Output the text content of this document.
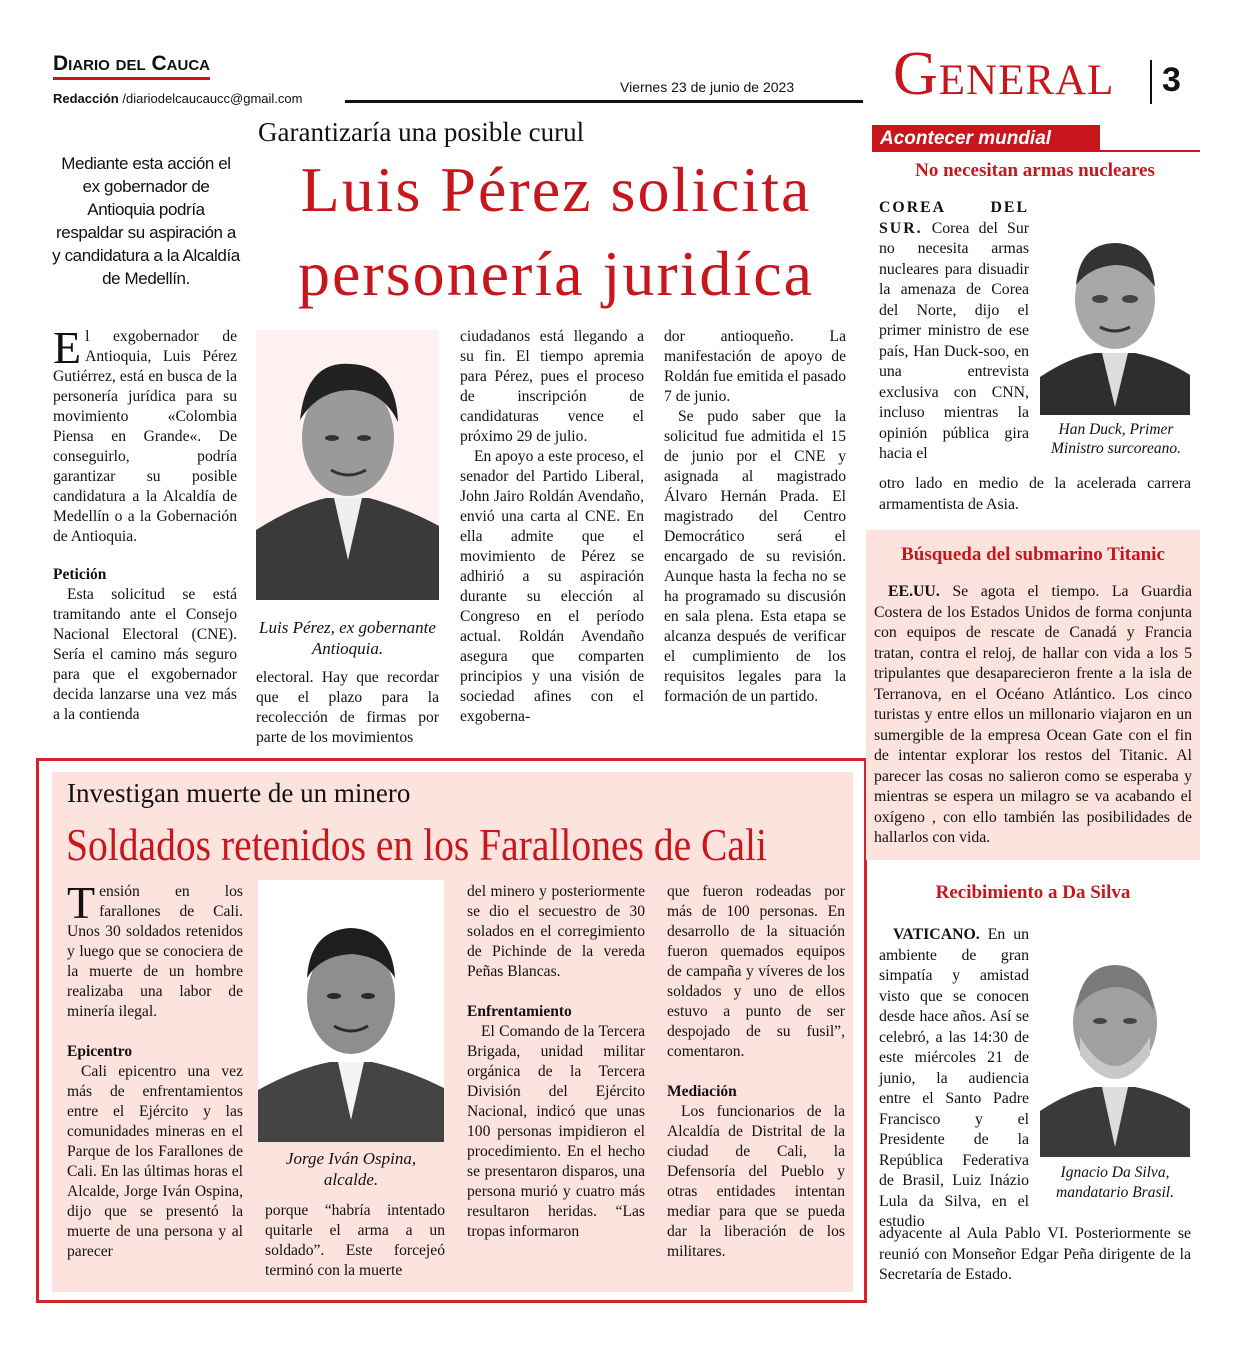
Diario del Cauca
Redacción /diariodelcaucaucc@gmail.com
Viernes 23 de junio de 2023 General 3
Garantizaría una posible curul
Luis Pérez solicita personería juridíca
Mediante esta acción el ex gobernador de Antioquia podría respaldar su aspiración a y candidatura a la Alcaldía de Medellín.

El exgobernador de Antioquia, Luis Pérez Gutiérrez, está en busca de la personería jurídica para su movimiento «Colombia Piensa en Grande«. De conseguirlo, podría garantizar su posible candidatura a la Alcaldía de Medellín o a la Gobernación de Antioquia.

Petición

Esta solicitud se está tramitando ante el Consejo Nacional Electoral (CNE). Sería el camino más seguro para que el exgobernador decida lanzarse una vez más a la contienda

Luis Pérez, ex gobernante Antioquia.

electoral. Hay que recordar que el plazo para la recolección de firmas por parte de los movimientos

ciudadanos está llegando a su fin. El tiempo apremia para Pérez, pues el proceso de inscripción de candidaturas vence el próximo 29 de julio.

En apoyo a este proceso, el senador del Partido Liberal, John Jairo Roldán Avendaño, envió una carta al CNE. En ella admite que el movimiento de Pérez se adhirió a su aspiración durante su elección al Congreso en el período actual. Roldán Avendaño asegura que comparten principios y una visión de sociedad afines con el exgoberna-

dor antioqueño. La manifestación de apoyo de Roldán fue emitida el pasado 7 de junio.

Se pudo saber que la solicitud fue admitida el 15 de junio por el CNE y asignada al magistrado Álvaro Hernán Prada. El magistrado del Centro Democrático será el encargado de su revisión. Aunque hasta la fecha no se ha programado su discusión en sala plena. Esta etapa se alcanza después de verificar el cumplimiento de los requisitos legales para la formación de un partido.

Investigan muerte de un minero
Soldados retenidos en los Farallones de Cali

Tensión en los farallones de Cali. Unos 30 soldados retenidos y luego que se conociera de la muerte de un hombre realizaba una labor de minería ilegal.

Epicentro

Cali epicentro una vez más de enfrentamientos entre el Ejército y las comunidades mineras en el Parque de los Farallones de Cali. En las últimas horas el Alcalde, Jorge Iván Ospina, dijo que se presentó la muerte de una persona y al parecer

Jorge Iván Ospina, alcalde.

porque “habría intentado quitarle el arma a un soldado”. Este forcejeó terminó con la muerte

del minero y posteriormente se dio el secuestro de 30 solados en el corregimiento de Pichinde de la vereda Peñas Blancas.

Enfrentamiento

El Comando de la Tercera Brigada, unidad militar orgánica de la Tercera División del Ejército Nacional, indicó que unas 100 personas impidieron el procedimiento. En el hecho se presentaron disparos, una persona murió y cuatro más resultaron heridas. “Las tropas informaron

que fueron rodeadas por más de 100 personas. En desarrollo de la situación fueron quemados equipos de campaña y víveres de los soldados y uno de ellos estuvo a punto de ser despojado de su fusil”, comentaron.

Mediación

Los funcionarios de la Alcaldía de Distrital de la ciudad de Cali, la Defensoría del Pueblo y otras entidades intentan mediar para que se pueda dar la liberación de los militares.

Acontecer mundial
No necesitan armas nucleares
Han Duck, Primer Ministro surcoreano.

COREA DEL SUR. Corea del Sur no necesita armas nucleares para disuadir la amenaza de Corea del Norte, dijo el primer ministro de ese país, Han Duck-soo, en una entrevista exclusiva con CNN, incluso mientras la opinión pública gira hacia el

otro lado en medio de la acelerada carrera armamentista de Asia.

Búsqueda del submarino Titanic

EE.UU. Se agota el tiempo. La Guardia Costera de los Estados Unidos de forma conjunta con equipos de rescate de Canadá y Francia tratan, contra el reloj, de hallar con vida a los 5 tripulantes que desaparecieron frente a la isla de Terranova, en el Océano Atlántico. Los cinco turistas y entre ellos un millonario viajaron en un sumergible de la empresa Ocean Gate con el fin de intentar explorar los restos del Titanic. Al parecer las cosas no salieron como se esperaba y mientras se espera un milagro se va acabando el oxígeno , con ello también las posibilidades de hallarlos con vida.

Recibimiento a Da Silva
Ignacio Da Silva, mandatario Brasil.

VATICANO. En un ambiente de gran simpatía y amistad visto que se conocen desde hace años. Así se celebró, a las 14:30 de este miércoles 21 de junio, la audiencia entre el Santo Padre Francisco y el Presidente de la República Federativa de Brasil, Luiz Inázio Lula da Silva, en el estudio

adyacente al Aula Pablo VI. Posteriormente se reunió con Monseñor Edgar Peña dirigente de la Secretaría de Estado.
